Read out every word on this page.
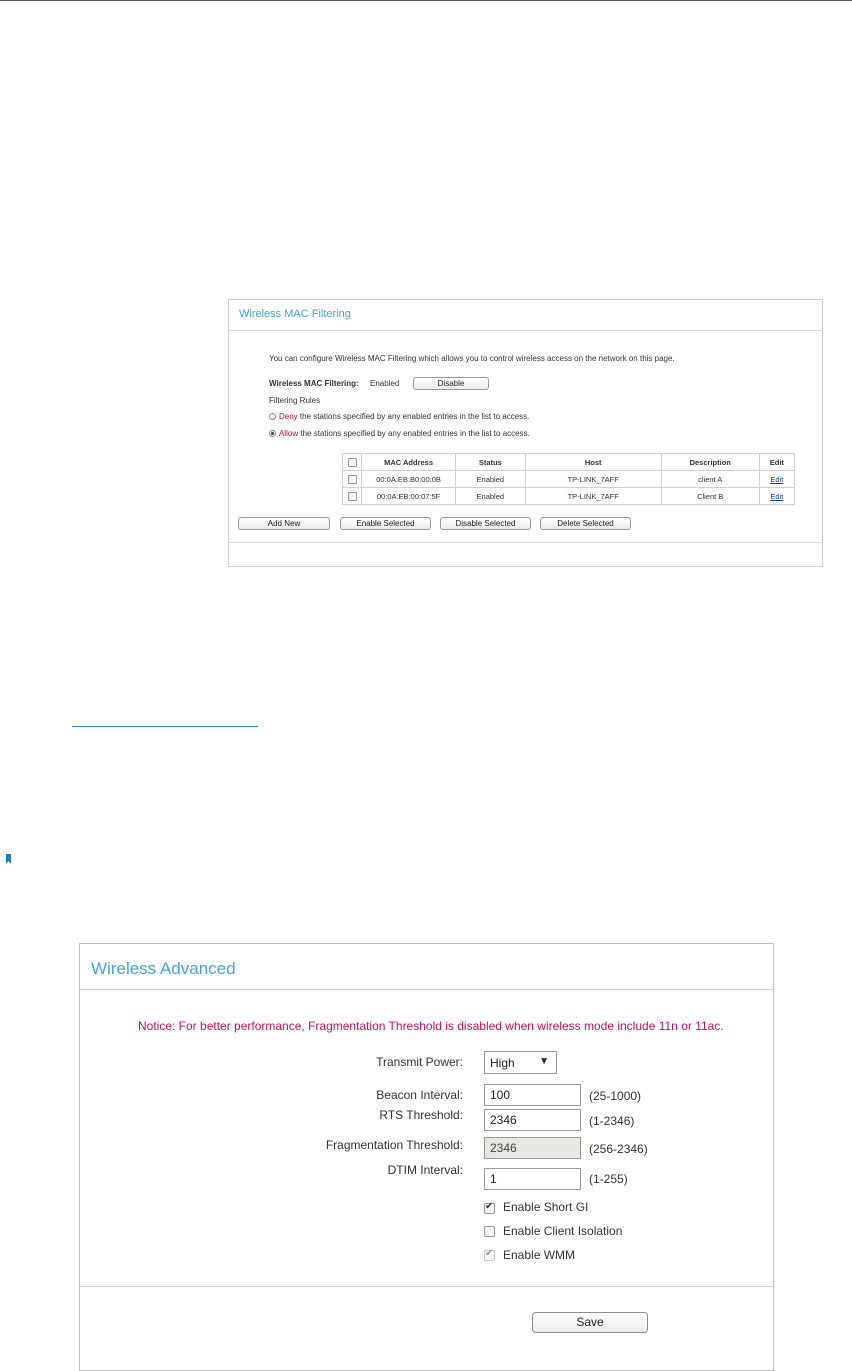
Wireless MAC Filtering
You can configure Wireless MAC Filtering which allows you to control wireless access on the network on this page.
Wireless MAC Filtering: Enabled	Disable
Filtering Rules
Deny the stations specified by any enabled entries in the list to access.
Allow the stations specified by any enabled entries in the list to access.
	MAC Address	Status	Host	Description	Edit
	00:0A:EB:B0:00:0B	Enabled	TP-LINK_7AFF	client A	Edit
	00:0A:EB:00:07:5F	Enabled	TP-LINK_7AFF	Client B	Edit
Add New	Enable Selected	Disable Selected	Delete Selected
Wireless Advanced
Notice: For better performance, Fragmentation Threshold is disabled when wireless mode include 11n or 11ac.
Transmit Power: High ▼
Beacon Interval:
100	(25-1000)
RTS Threshold:
2346	(1-2346)
Fragmentation Threshold:
2346	(256-2346)
DTIM Interval:
1
(1-255)
✔
Enable Short GI
Enable Client Isolation
✔
Enable WMM
Save
